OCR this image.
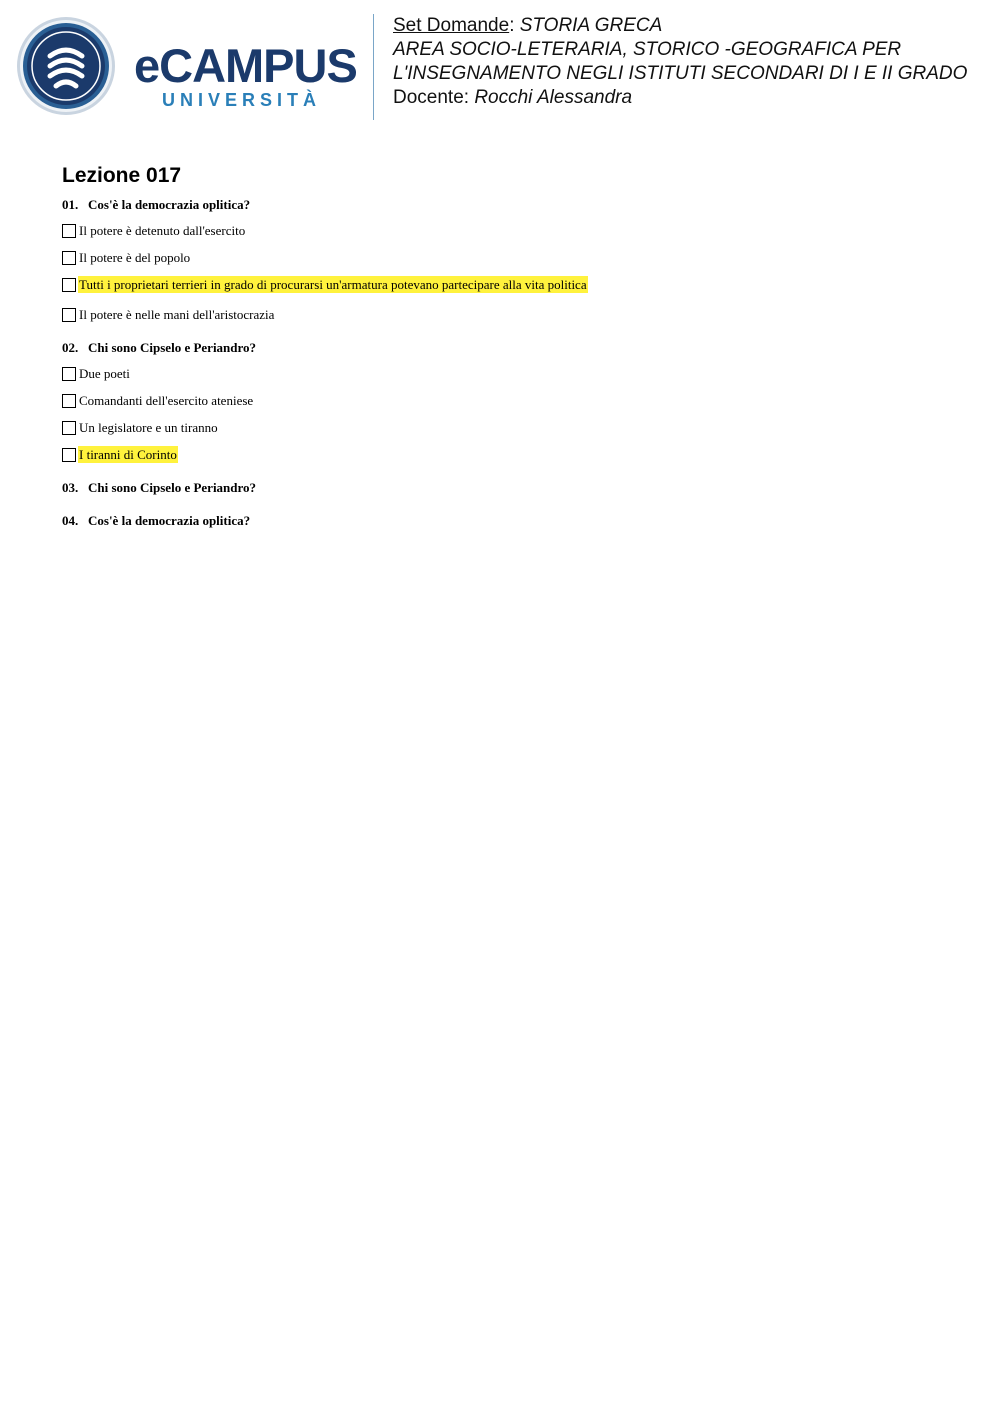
eCAMPUS
UNIVERSITÀ
Set Domande: STORIA GRECA
AREA SOCIO-LETERARIA, STORICO -GEOGRAFICA PER
L'INSEGNAMENTO NEGLI ISTITUTI SECONDARI DI I E II GRADO
Docente: Rocchi Alessandra
Lezione 017
01. Cos'è la democrazia oplitica?
Il potere è detenuto dall'esercito
Il potere è del popolo
Tutti i proprietari terrieri in grado di procurarsi un'armatura potevano partecipare alla vita politica
Il potere è nelle mani dell'aristocrazia
02. Chi sono Cipselo e Periandro?
Due poeti
Comandanti dell'esercito ateniese
Un legislatore e un tiranno
I tiranni di Corinto
03. Chi sono Cipselo e Periandro?
04. Cos'è la democrazia oplitica?
